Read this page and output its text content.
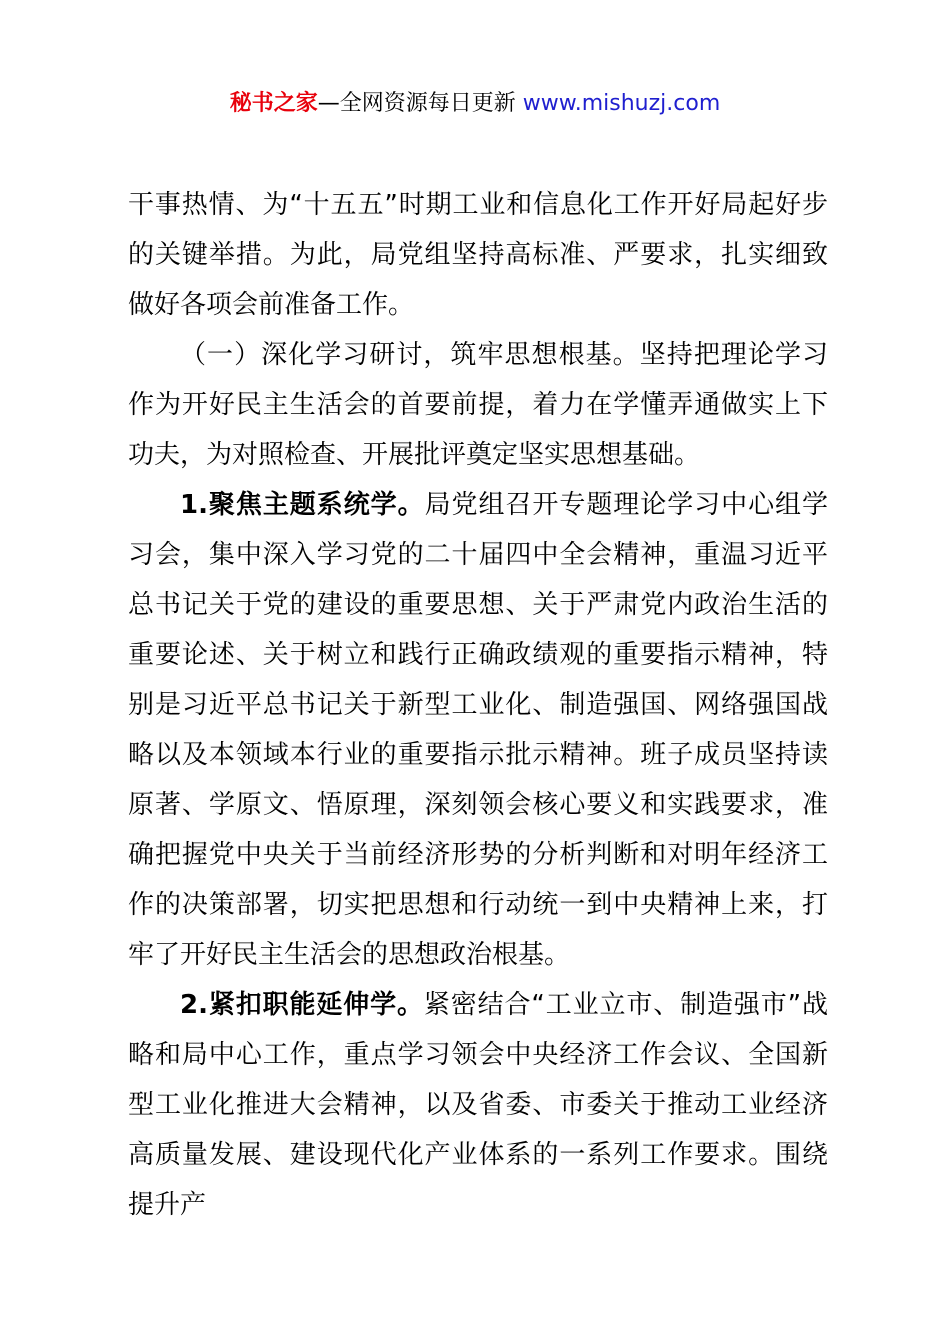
秘书之家—全网资源每日更新 www.mishuzj.com

干事热情、为“十五五”时期工业和信息化工作开好局起好步的关键举措。为此，局党组坚持高标准、严要求，扎实细致做好各项会前准备工作。

（一）深化学习研讨，筑牢思想根基。坚持把理论学习作为开好民主生活会的首要前提，着力在学懂弄通做实上下功夫，为对照检查、开展批评奠定坚实思想基础。

1.聚焦主题系统学。局党组召开专题理论学习中心组学习会，集中深入学习党的二十届四中全会精神，重温习近平总书记关于党的建设的重要思想、关于严肃党内政治生活的重要论述、关于树立和践行正确政绩观的重要指示精神，特别是习近平总书记关于新型工业化、制造强国、网络强国战略以及本领域本行业的重要指示批示精神。班子成员坚持读原著、学原文、悟原理，深刻领会核心要义和实践要求，准确把握党中央关于当前经济形势的分析判断和对明年经济工作的决策部署，切实把思想和行动统一到中央精神上来，打牢了开好民主生活会的思想政治根基。

2.紧扣职能延伸学。紧密结合“工业立市、制造强市”战略和局中心工作，重点学习领会中央经济工作会议、全国新型工业化推进大会精神，以及省委、市委关于推动工业经济高质量发展、建设现代化产业体系的一系列工作要求。围绕提升产
